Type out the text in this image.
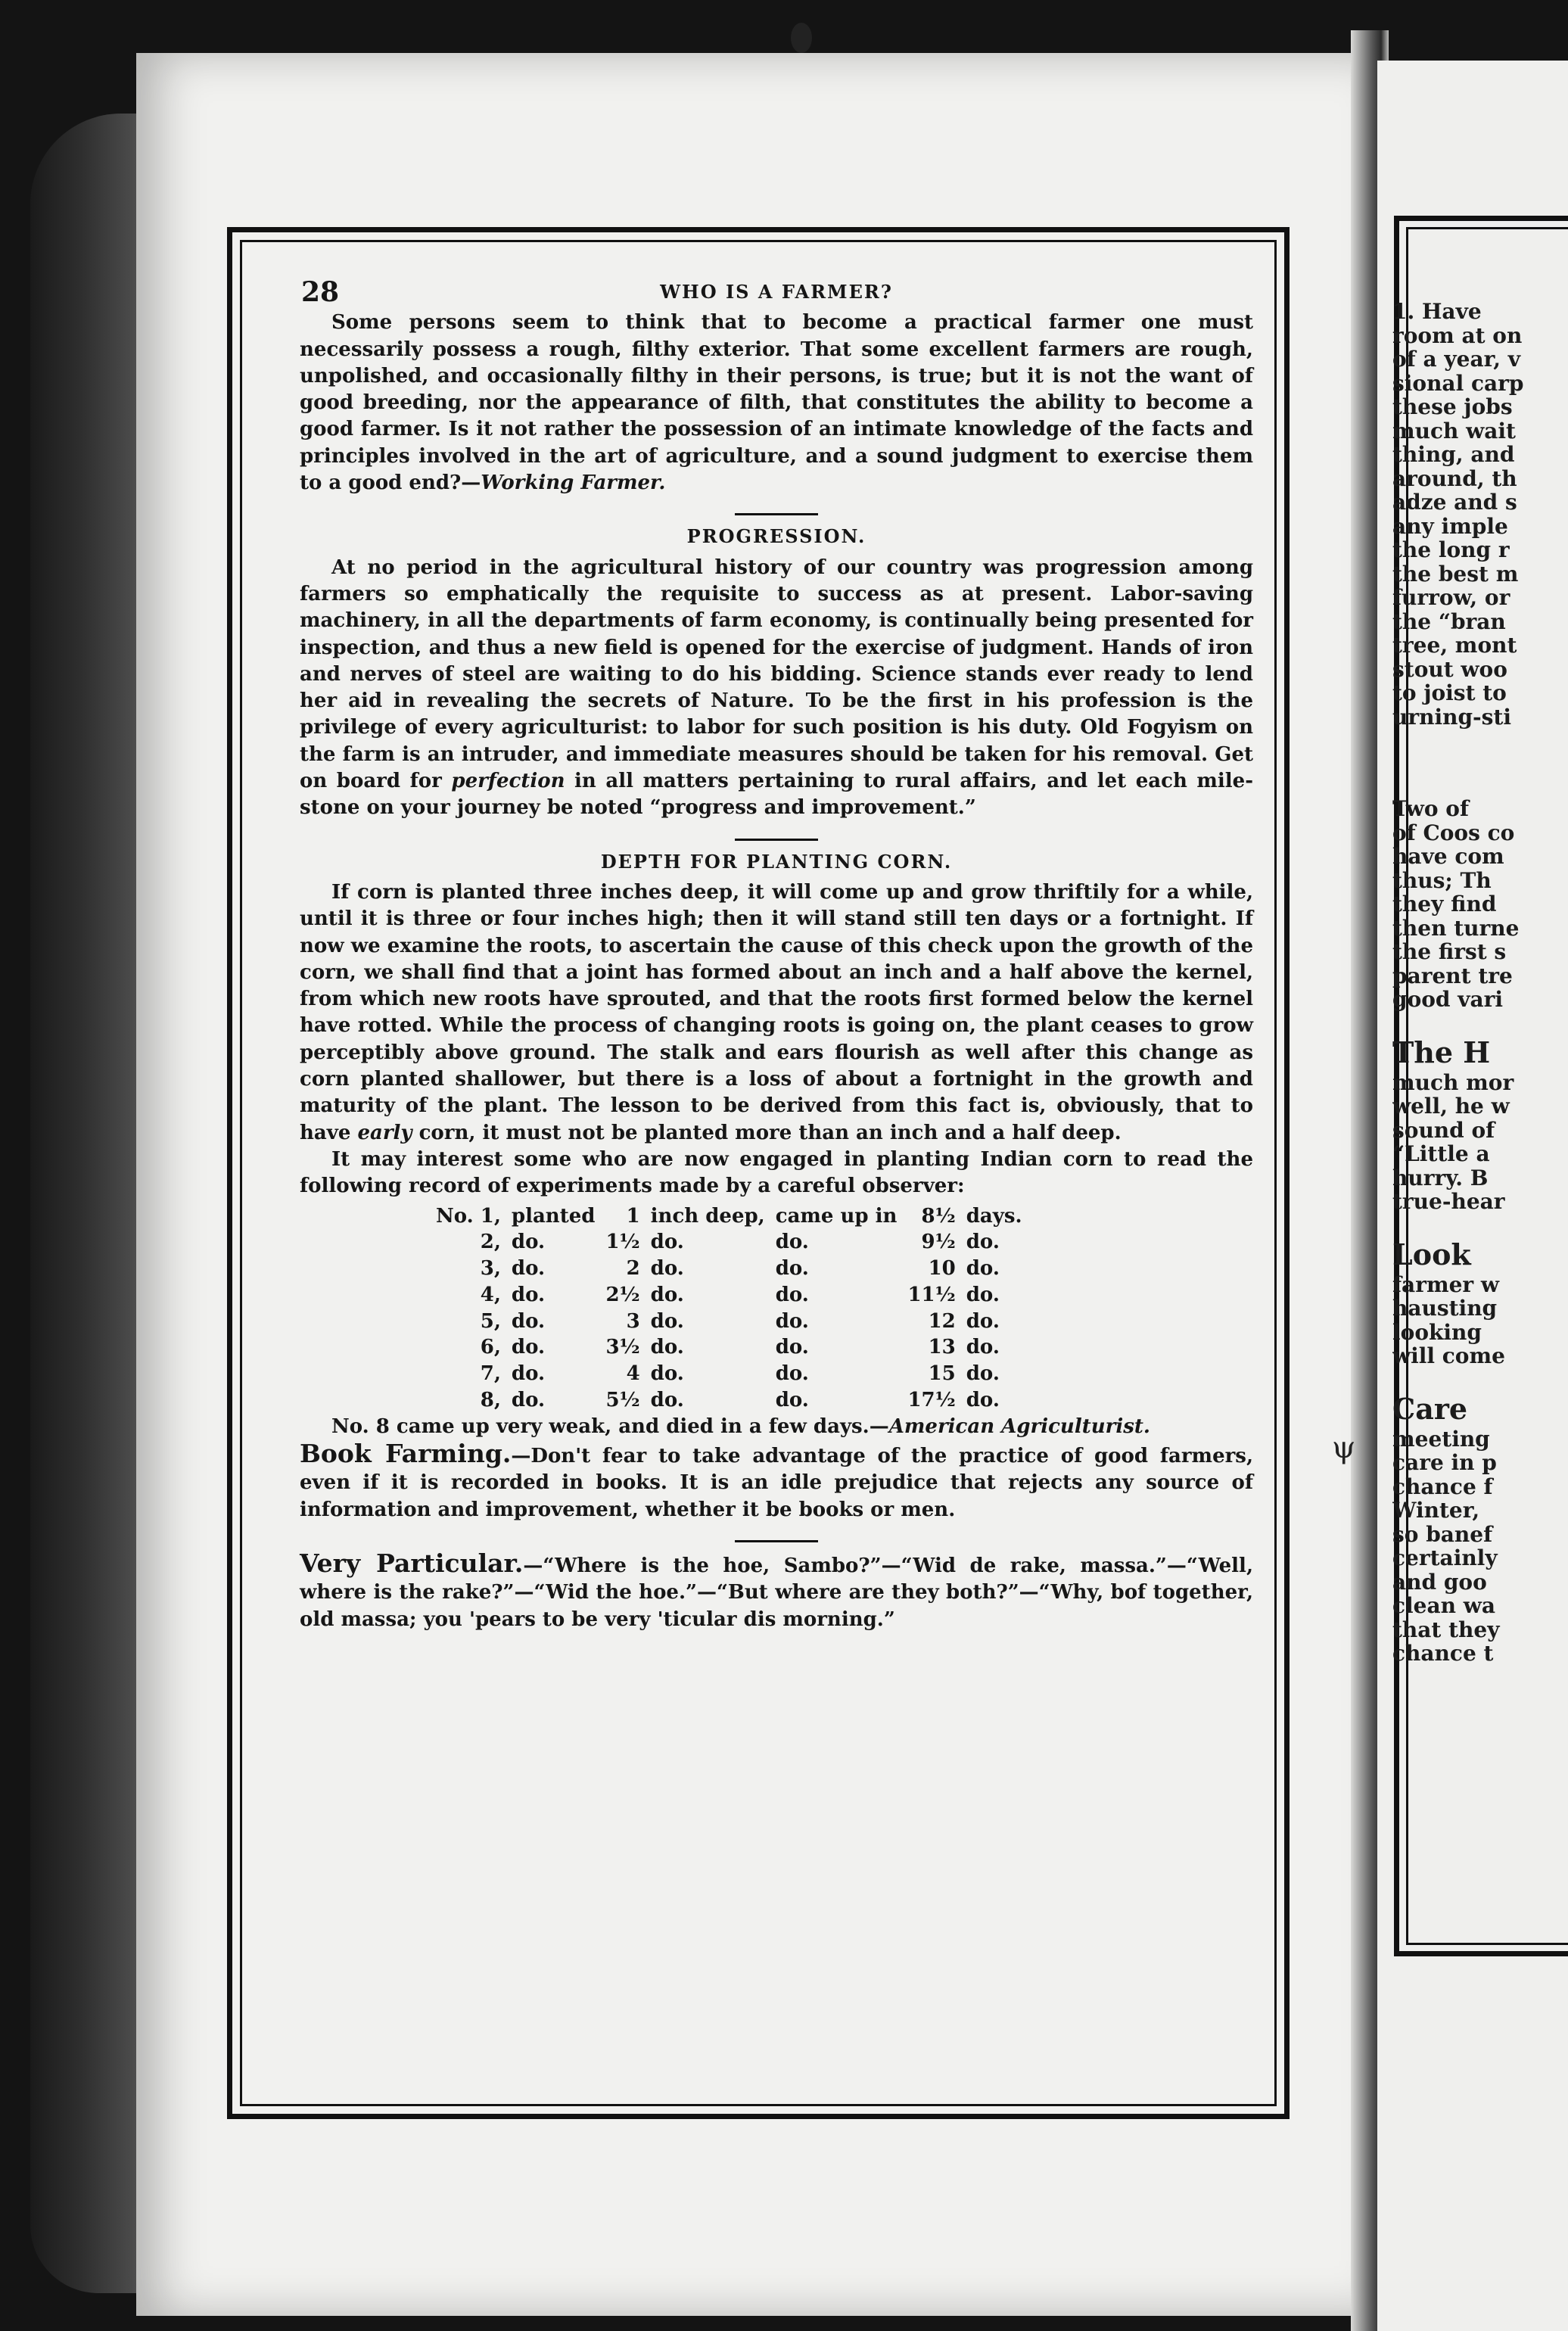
28	WHO IS A FARMER?

Some persons seem to think that to become a practical farmer one must necessarily possess a rough, filthy exterior. That some excellent farmers are rough, unpolished, and occasionally filthy in their persons, is true; but it is not the want of good breeding, nor the appearance of filth, that constitutes the ability to become a good farmer. Is it not rather the possession of an intimate knowledge of the facts and principles involved in the art of agriculture, and a sound judgment to exercise them to a good end?—Working Farmer.

PROGRESSION.

At no period in the agricultural history of our country was progression among farmers so emphatically the requisite to success as at present. Labor-saving machinery, in all the departments of farm economy, is continually being presented for inspection, and thus a new field is opened for the exercise of judgment. Hands of iron and nerves of steel are waiting to do his bidding. Science stands ever ready to lend her aid in revealing the secrets of Nature. To be the first in his profession is the privilege of every agriculturist: to labor for such position is his duty. Old Fogyism on the farm is an intruder, and immediate measures should be taken for his removal. Get on board for perfection in all matters pertaining to rural affairs, and let each mile-stone on your journey be noted “progress and improvement.”

DEPTH FOR PLANTING CORN.

If corn is planted three inches deep, it will come up and grow thriftily for a while, until it is three or four inches high; then it will stand still ten days or a fortnight. If now we examine the roots, to ascertain the cause of this check upon the growth of the corn, we shall find that a joint has formed about an inch and a half above the kernel, from which new roots have sprouted, and that the roots first formed below the kernel have rotted. While the process of changing roots is going on, the plant ceases to grow perceptibly above ground. The stalk and ears flourish as well after this change as corn planted shallower, but there is a loss of about a fortnight in the growth and maturity of the plant. The lesson to be derived from this fact is, obviously, that to have early corn, it must not be planted more than an inch and a half deep.

It may interest some who are now engaged in planting Indian corn to read the following record of experiments made by a careful observer:

No. 1,	planted	1	inch deep,	came up in	8½	days.
2,	do.	1½	do.	do.	9½	do.
3,	do.	2	do.	do.	10	do.
4,	do.	2½	do.	do.	11½	do.
5,	do.	3	do.	do.	12	do.
6,	do.	3½	do.	do.	13	do.
7,	do.	4	do.	do.	15	do.
8,	do.	5½	do.	do.	17½	do.

No. 8 came up very weak, and died in a few days.—American Agriculturist.

Book Farming.—Don't fear to take advantage of the practice of good farmers, even if it is recorded in books. It is an idle prejudice that rejects any source of information and improvement, whether it be books or men.

Very Particular.—“Where is the hoe, Sambo?”—“Wid de rake, massa.”—“Well, where is the rake?”—“Wid the hoe.”—“But where are they both?”—“Why, bof together, old massa; you 'pears to be very 'ticular dis morning.”

1. Have
room at on
of a year, v
sional carp
these jobs
much wait
thing, and
around, th
adze and s
any imple
the long r
the best m
furrow, or
the “bran
tree, mont
stout woo
to joist to
urning-sti
Two of
of Coos co
have com
thus; Th
they find
then turne
the first s
parent tre
good vari
The H
much mor
well, he w
sound of
“Little a
hurry. B
true-hear
Look
farmer w
hausting
looking
will come
Care
meeting
care in p
chance f
Winter,
so banef
certainly
and goo
clean wa
that they
chance t
ψ
